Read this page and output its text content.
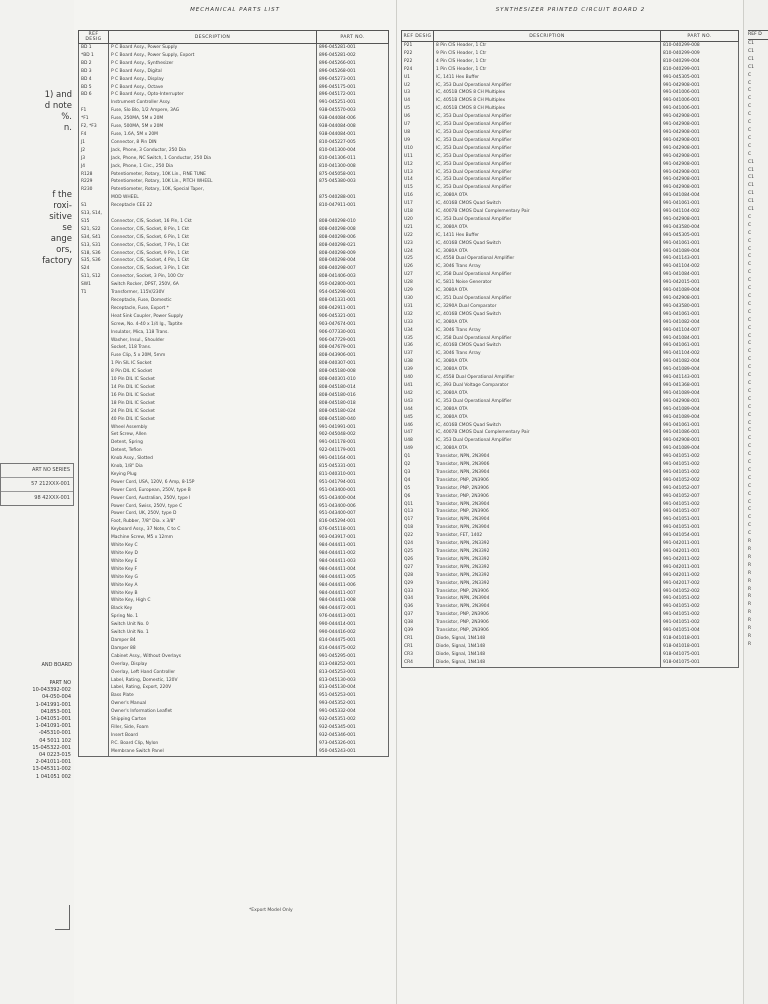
1) and
d note
%.
n.
f the
roxi-
sitive
se
ange
ors,
factory
ART NO SERIES
57 212XXX-001
98 42XXX-001
AND BOARD
PART NO
10-043392-002
04-050-004
1-041991-001
041853-001
1-041051-001
1-041091-001
-045310-001
04 5011 102
15-045322-001
04 0223-015
2-041011-001
13-045311-002
1 041051 002
MECHANICAL PARTS LIST
REF DESIG	DESCRIPTION	PART NO.
BD 1	P C Board Assy., Power Supply	896-045281-001
*BD 1	P C Board Assy., Power Supply, Export	896-045281-002
BD 2	P C Board Assy., Synthesizer	896-045266-001
BD 3	P C Board Assy., Digital	896-045268-001
BD 4	P C Board Assy., Display	896-045273-001
BD 5	P C Board Assy., Octave	896-045175-001
BD 6	P C Board Assy., Opto-Interrupter	896-045172-001
	Instrument Controller Assy.	991-045251-001
F1	Fuse, Slo Blo, 1/2 Ampere, 3AG	938-045570-003
*F1	Fuse, 250MA, 5M x 20M	938-044084-006
F2, *F3	Fuse, 500MA, 5M x 20M	938-044084-008
F4	Fuse, 1.6A, 5M x 20M	938-044084-001
J1	Connector, 8 Pin DIN	810-045227-005
J2	Jack, Phone, 3 Conductor, 250 Dia	810-041300-004
J3	Jack, Phone, NC Switch, 1 Conductor, 250 Dia	810-041306-011
J4	Jack, Phone, 1 Circ., 250 Dia	810-041300-008
R128	Potentiometer, Rotary, 10K Lin., FINE TUNE	875-045058-001
R229	Potentiometer, Rotary, 10K Lin., PITCH WHEEL	875-045380-003
R230	Potentiometer, Rotary, 10K, Special Taper,	
	MOD WHEEL	875-040288-001
S1	Receptacle CEE 22	810-047911-001
S13, S14,		
S15	Connector, CIS, Socket, 16 Pin, 1 Ckt	808-040298-010
S21, S22	Connector, CIS, Socket, 8 Pin, 1 Ckt	808-040298-008
S34, S41	Connector, CIS, Socket, 6 Pin, 1 Ckt	808-040298-006
S13, S31	Connector, CIS, Socket, 7 Pin, 1 Ckt	808-040298-021
S18, S36	Connector, CIS, Socket, 9 Pin, 1 Ckt	808-040298-009
S35, S36	Connector, CIS, Socket, 4 Pin, 1 Ckt	808-040298-004
S24	Connector, CIS, Socket, 3 Pin, 1 Ckt	808-040298-007
S11, S12	Connector, Socket, 3 Pin, 100 Ctr	808-041406-003
SW1	Switch Rocker, DPST, 250V, 6A	950-042800-001
T1	Transformer, 115V/230V	954-045298-001
	Receptacle, Fuse, Domestic	808-041331-001
	Receptacle, Fuse, Export *	808-042911-001
	Heat Sink Coupler, Power Supply	906-045321-001
	Screw, No. 4-40 x 1/4 lg., Taptite	903-047674-001
	Insulator, Mica, 118 Trans.	906-077330-001
	Washer, Insul., Shoulder	906-047729-001
	Socket, 118 Trans.	808-047679-001
	Fuse Clip, 5 x 20M, 5mm	808-043906-001
	1 Pin SIL IC Socket	808-040307-001
	8 Pin DIL IC Socket	808-045180-008
	10 Pin DIL IC Socket	808-040301-010
	14 Pin DIL IC Socket	808-045180-014
	16 Pin DIL IC Socket	808-045180-016
	18 Pin DIL IC Socket	808-045180-018
	24 Pin DIL IC Socket	808-045180-024
	40 Pin DIL IC Socket	808-045180-040
	Wheel Assembly	991-041991-001
	Set Screw, Allen	902-045048-002
	Detent, Spring	991-041178-001
	Detent, Teflon	922-041179-001
	Knob Assy., Slotted	991-041164-001
	Knob, 1/8" Dia	815-045331-001
	Keying Plug	811-040310-001
	Power Cord, USA, 120V, 6 Amp, 8-15P	951-041794-001
	Power Cord, European, 250V, type B	951-043400-001
	Power Cord, Australian, 250V, type I	951-043400-004
	Power Cord, Swiss, 250V, type C	951-043400-006
	Power Cord, UK, 250V, type D	951-043400-007
	Foot, Rubber, 7/8" Dia. x 3/8"	816-045294-001
	Keyboard Assy., 37 Note, C to C	876-045118-001
	Machine Screw, M5 x 12mm	903-043917-001
	White Key C	984-044411-001
	White Key D	984-044411-002
	White Key E	984-044411-003
	White Key F	984-044411-004
	White Key G	984-044411-005
	White Key A	984-044411-006
	White Key B	984-044411-007
	White Key, High C	984-044411-008
	Black Key	984-044472-001
	Spring No. 1	976-044413-001
	Switch Unit No. 0	990-044414-001
	Switch Unit No. 1	990-044416-002
	Damper 84	814-044475-001
	Damper 88	814-044475-002
	Cabinet Assy., Without Overlays	991-045295-001
	Overlay, Display	813-048252-001
	Overlay, Left Hand Controller	813-045253-001
	Label, Rating, Domestic, 120V	813-045130-003
	Label, Rating, Export, 220V	813-045130-004
	Bass Plate	951-045253-001
	Owner's Manual	993-045352-001
	Owner's Information Leaflet	991-045332-004
	Shipping Carton	932-045351-002
	Filler, Side, Foam	932-045345-001
	Insert Board	932-045346-001
	P.C. Board Clip, Nylon	973-045326-001
	Membrane Switch Panel	950-045243-001
*Export Model Only
SYNTHESIZER PRINTED CIRCUIT BOARD 2
REF DESIG	DESCRIPTION	PART NO.
P21	8 Pin CIS Header, 1 Ctr	810-040299-008
P22	9 Pin CIS Header, 1 Ctr	810-040299-009
P22	4 Pin CIS Header, 1 Ctr	810-040299-004
P24	1 Pin CIS Header, 1 Ctr	810-040299-001
U1	IC, 1411 Hex Buffer	991-045305-001
U2	IC, 353 Dual Operational Amplifier	991-042908-001
U3	IC, 4051B CMOS 8 CH Multiplex	991-041006-001
U4	IC, 4051B CMOS 8 CH Multiplex	991-041006-001
U5	IC, 4051B CMOS 8 CH Multiplex	991-041006-001
U6	IC, 353 Dual Operational Amplifier	991-042908-001
U7	IC, 353 Dual Operational Amplifier	991-042908-001
U8	IC, 353 Dual Operational Amplifier	991-042908-001
U9	IC, 353 Dual Operational Amplifier	991-042908-001
U10	IC, 353 Dual Operational Amplifier	991-042908-001
U11	IC, 353 Dual Operational Amplifier	991-042908-001
U12	IC, 353 Dual Operational Amplifier	991-042908-001
U13	IC, 353 Dual Operational Amplifier	991-042908-001
U14	IC, 353 Dual Operational Amplifier	991-042908-001
U15	IC, 353 Dual Operational Amplifier	991-042908-001
U16	IC, 3080A OTA	991-041084-004
U17	IC, 4016B CMOS Quad Switch	991-041061-001
U18	IC, 4007B CMOS Dual Complementary Pair	991-041104-002
U20	IC, 353 Dual Operational Amplifier	991-042908-001
U21	IC, 3080A OTA	991-043580-004
U22	IC, 1411 Hex Buffer	991-045305-001
U23	IC, 4016B CMOS Quad Switch	991-041061-001
U24	IC, 3080A OTA	991-041089-004
U25	IC, 4558 Dual Operational Amplifier	991-041143-001
U26	IC, 3046 Trans Array	991-041104-002
U27	IC, 358 Dual Operational Amplifier	991-041084-001
U28	IC, 5811 Noise Generator	991-042015-001
U29	IC, 3080A OTA	991-041089-004
U30	IC, 351 Dual Operational Amplifier	991-042908-001
U31	IC, 3290A Dual Comparator	991-043580-001
U32	IC, 4016B CMOS Quad Switch	991-041061-001
U33	IC, 3080A OTA	991-041082-004
U34	IC, 3046 Trans Array	991-041104-007
U35	IC, 358 Dual Operational Amplifier	991-041084-001
U36	IC, 4016B CMOS Quad Switch	991-041061-001
U37	IC, 3046 Trans Array	991-041104-002
U38	IC, 3080A OTA	991-041082-004
U39	IC, 3080A OTA	991-041089-004
U40	IC, 4558 Dual Operational Amplifier	991-041143-001
U41	IC, 393 Dual Voltage Comparator	991-041368-001
U42	IC, 3080A OTA	991-041089-004
U43	IC, 353 Dual Operational Amplifier	991-042908-001
U44	IC, 3080A OTA	991-041089-004
U45	IC, 3080A OTA	991-041089-004
U46	IC, 4016B CMOS Quad Switch	991-041061-001
U47	IC, 4007B CMOS Dual Complementary Pair	991-041086-001
U48	IC, 353 Dual Operational Amplifier	991-042908-001
U49	IC, 3080A OTA	991-041089-004
Q1	Transistor, NPN, 2N3904	991-041051-002
Q2	Transistor, NPN, 2N3906	991-041051-002
Q3	Transistor, NPN, 2N3904	991-041051-002
Q4	Transistor, PNP, 2N3906	991-041052-002
Q5	Transistor, PNP, 2N3906	991-041052-007
Q6	Transistor, PNP, 2N3906	991-041052-007
Q11	Transistor, NPN, 2N3904	991-041051-002
Q13	Transistor, PNP, 2N3906	991-041051-007
Q17	Transistor, NPN, 2N3904	991-041051-001
Q18	Transistor, NPN, 2N3904	991-041051-001
Q22	Transistor, FET, 1402	991-041054-001
Q24	Transistor, NPN, 2N3392	991-042011-001
Q25	Transistor, NPN, 2N3392	991-042011-001
Q26	Transistor, NPN, 2N3392	991-042011-002
Q27	Transistor, NPN, 2N3392	991-042011-001
Q28	Transistor, NPN, 2N3392	991-042011-002
Q29	Transistor, NPN, 2N3392	991-042017-002
Q33	Transistor, PNP, 2N3906	991-041052-002
Q34	Transistor, NPN, 2N3904	991-041051-002
Q36	Transistor, NPN, 2N3904	991-041051-002
Q37	Transistor, PNP, 2N3906	991-041051-002
Q38	Transistor, PNP, 2N3906	991-041051-002
Q39	Transistor, PNP, 2N3906	991-041051-004
CR1	Diode, Signal, 1N4148	918-041018-001
CR1	Diode, Signal, 1N4148	918-041018-001
CR3	Diode, Signal, 1N4148	918-041075-001
CR4	Diode, Signal, 1N4148	918-041075-001
REF D
C1
C1
C1
C1
C
C
C
C
C
C
C
C
C
C
C
C1
C1
C1
C1
C1
C1
C1
C
C
C
C
C
C
C
C
C
C
C
C
C
C
C
C
C
C
C
C
C
C
C
C
C
C
C
C
C
C
C
C
C
C
C
C
C
C
C
C
C
R
R
R
R
R
R
R
R
R
R
R
R
R
R
